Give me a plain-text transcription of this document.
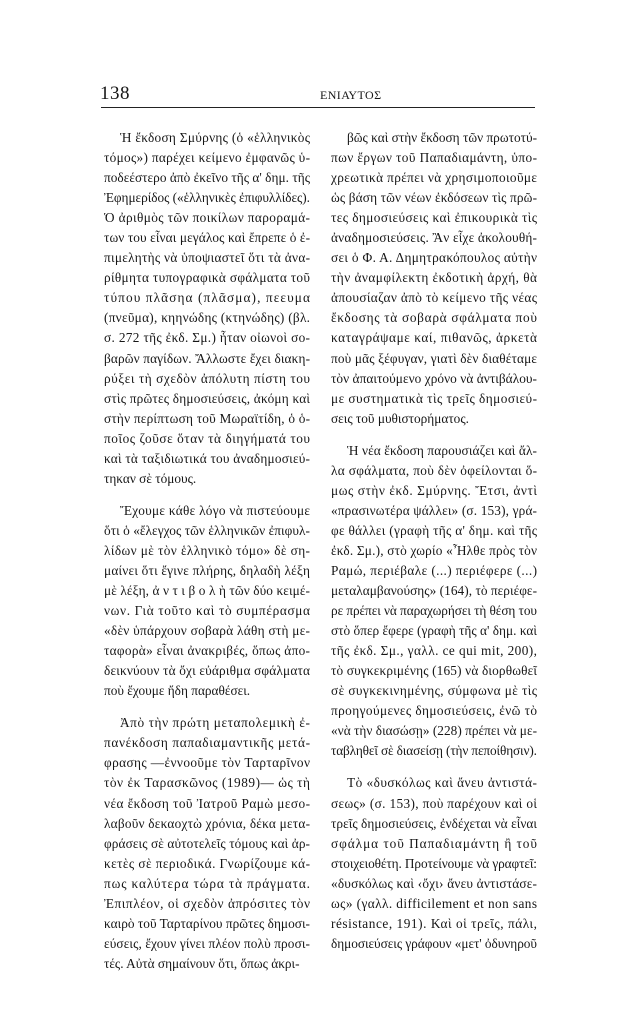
138	ΕΝΙΑΥΤΟΣ
Ἡ ἔκδοση Σμύρνης (ὁ «ἑλληνικὸς
τόμος») παρέχει κείμενο ἐμφανῶς ὑ-
ποδεέστερο ἀπὸ ἐκεῖνο τῆς α' δημ. τῆς
Ἐφημερίδος («ἑλληνικὲς ἐπιφυλλίδες).
Ὁ ἀριθμὸς τῶν ποικίλων παροραμά-
των του εἶναι μεγάλος καὶ ἔπρεπε ὁ ἐ-
πιμελητὴς νὰ ὑποψιαστεῖ ὅτι τὰ ἀνα-
ρίθμητα τυπογραφικὰ σφάλματα τοῦ
τύπου πλᾶσηα (πλᾶσμα), πεευμα
(πνεῦμα), κηηνώδης (κτηνώδης) (βλ.
σ. 272 τῆς ἐκδ. Σμ.) ἦταν οἰωνοὶ σο-
βαρῶν παγίδων. Ἄλλωστε ἔχει διακη-
ρύξει τὴ σχεδὸν ἀπόλυτη πίστη του
στὶς πρῶτες δημοσιεύσεις, ἀκόμη καὶ
στὴν περίπτωση τοῦ Μωραϊτίδη, ὁ ὁ-
ποῖος ζοῦσε ὅταν τὰ διηγήματά του
καὶ τὰ ταξιδιωτικά του ἀναδημοσιεύ-
τηκαν σὲ τόμους.
Ἔχουμε κάθε λόγο νὰ πιστεύουμε
ὅτι ὁ «ἔλεγχος τῶν ἑλληνικῶν ἐπιφυλ-
λίδων μὲ τὸν ἑλληνικὸ τόμο» δὲ ση-
μαίνει ὅτι ἔγινε πλήρης, δηλαδὴ λέξη
μὲ λέξη, ἀ ν τ ι β ο λ ὴ τῶν δύο κειμέ-
νων. Γιὰ τοῦτο καὶ τὸ συμπέρασμα
«δὲν ὑπάρχουν σοβαρὰ λάθη στὴ με-
ταφορὰ» εἶναι ἀνακριβές, ὅπως ἀπο-
δεικνύουν τὰ ὄχι εὐάριθμα σφάλματα
ποὺ ἔχουμε ἤδη παραθέσει.
Ἀπὸ τὴν πρώτη μεταπολεμικὴ ἐ-
πανέκδοση παπαδιαμαντικῆς μετά-
φρασης —ἐννοοῦμε τὸν Ταρταρῖνον
τὸν ἐκ Ταρασκῶνος (1989)— ὡς τὴ
νέα ἔκδοση τοῦ Ἰατροῦ Ραμὼ μεσο-
λαβοῦν δεκαοχτὼ χρόνια, δέκα μετα-
φράσεις σὲ αὐτοτελεῖς τόμους καὶ ἀρ-
κετὲς σὲ περιοδικά. Γνωρίζουμε κά-
πως καλύτερα τώρα τὰ πράγματα.
Ἐπιπλέον, οἱ σχεδὸν ἀπρόσιτες τὸν
καιρὸ τοῦ Ταρταρίνου πρῶτες δημοσι-
εύσεις, ἔχουν γίνει πλέον πολὺ προσι-
τές. Αὐτὰ σημαίνουν ὅτι, ὅπως ἀκρι-
βῶς καὶ στὴν ἔκδοση τῶν πρωτοτύ-
πων ἔργων τοῦ Παπαδιαμάντη, ὑπο-
χρεωτικὰ πρέπει νὰ χρησιμοποιοῦμε
ὡς βάση τῶν νέων ἐκδόσεων τὶς πρῶ-
τες δημοσιεύσεις καὶ ἐπικουρικὰ τὶς
ἀναδημοσιεύσεις. Ἂν εἶχε ἀκολουθή-
σει ὁ Φ. Α. Δημητρακόπουλος αὐτὴν
τὴν ἀναμφίλεκτη ἐκδοτικὴ ἀρχή, θὰ
ἀπουσίαζαν ἀπὸ τὸ κείμενο τῆς νέας
ἔκδοσης τὰ σοβαρὰ σφάλματα ποὺ
καταγράψαμε καί, πιθανῶς, ἀρκετὰ
ποὺ μᾶς ξέφυγαν, γιατὶ δὲν διαθέταμε
τὸν ἀπαιτούμενο χρόνο νὰ ἀντιβάλου-
με συστηματικὰ τὶς τρεῖς δημοσιεύ-
σεις τοῦ μυθιστορήματος.
Ἡ νέα ἔκδοση παρουσιάζει καὶ ἄλ-
λα σφάλματα, ποὺ δὲν ὀφείλονται ὅ-
μως στὴν ἐκδ. Σμύρνης. Ἔτσι, ἀντὶ
«πρασινωτέρα ψάλλει» (σ. 153), γρά-
φε θάλλει (γραφὴ τῆς α' δημ. καὶ τῆς
ἐκδ. Σμ.), στὸ χωρίο «Ἦλθε πρὸς τὸν
Ραμώ, περιέβαλε (...) περιέφερε (...)
μεταλαμβανούσης» (164), τὸ περιέφε-
ρε πρέπει νὰ παραχωρήσει τὴ θέση του
στὸ ὅπερ ἔφερε (γραφὴ τῆς α' δημ. καὶ
τῆς ἐκδ. Σμ., γαλλ. ce qui mit, 200),
τὸ συγκεκριμένης (165) νὰ διορθωθεῖ
σὲ συγκεκινημένης, σύμφωνα μὲ τὶς
προηγούμενες δημοσιεύσεις, ἐνῶ τὸ
«νὰ τὴν διασώσῃ» (228) πρέπει νὰ με-
ταβληθεῖ σὲ διασείσῃ (τὴν πεποίθησιν).
Τὸ «δυσκόλως καὶ ἄνευ ἀντιστά-
σεως» (σ. 153), ποὺ παρέχουν καὶ οἱ
τρεῖς δημοσιεύσεις, ἐνδέχεται νὰ εἶναι
σφάλμα τοῦ Παπαδιαμάντη ἢ τοῦ
στοιχειοθέτη. Προτείνουμε νὰ γραφτεῖ:
«δυσκόλως καὶ ‹ὄχι› ἄνευ ἀντιστάσε-
ως» (γαλλ. difficilement et non sans
résistance, 191). Καὶ οἱ τρεῖς, πάλι,
δημοσιεύσεις γράφουν «μετ' ὀδυνηροῦ
